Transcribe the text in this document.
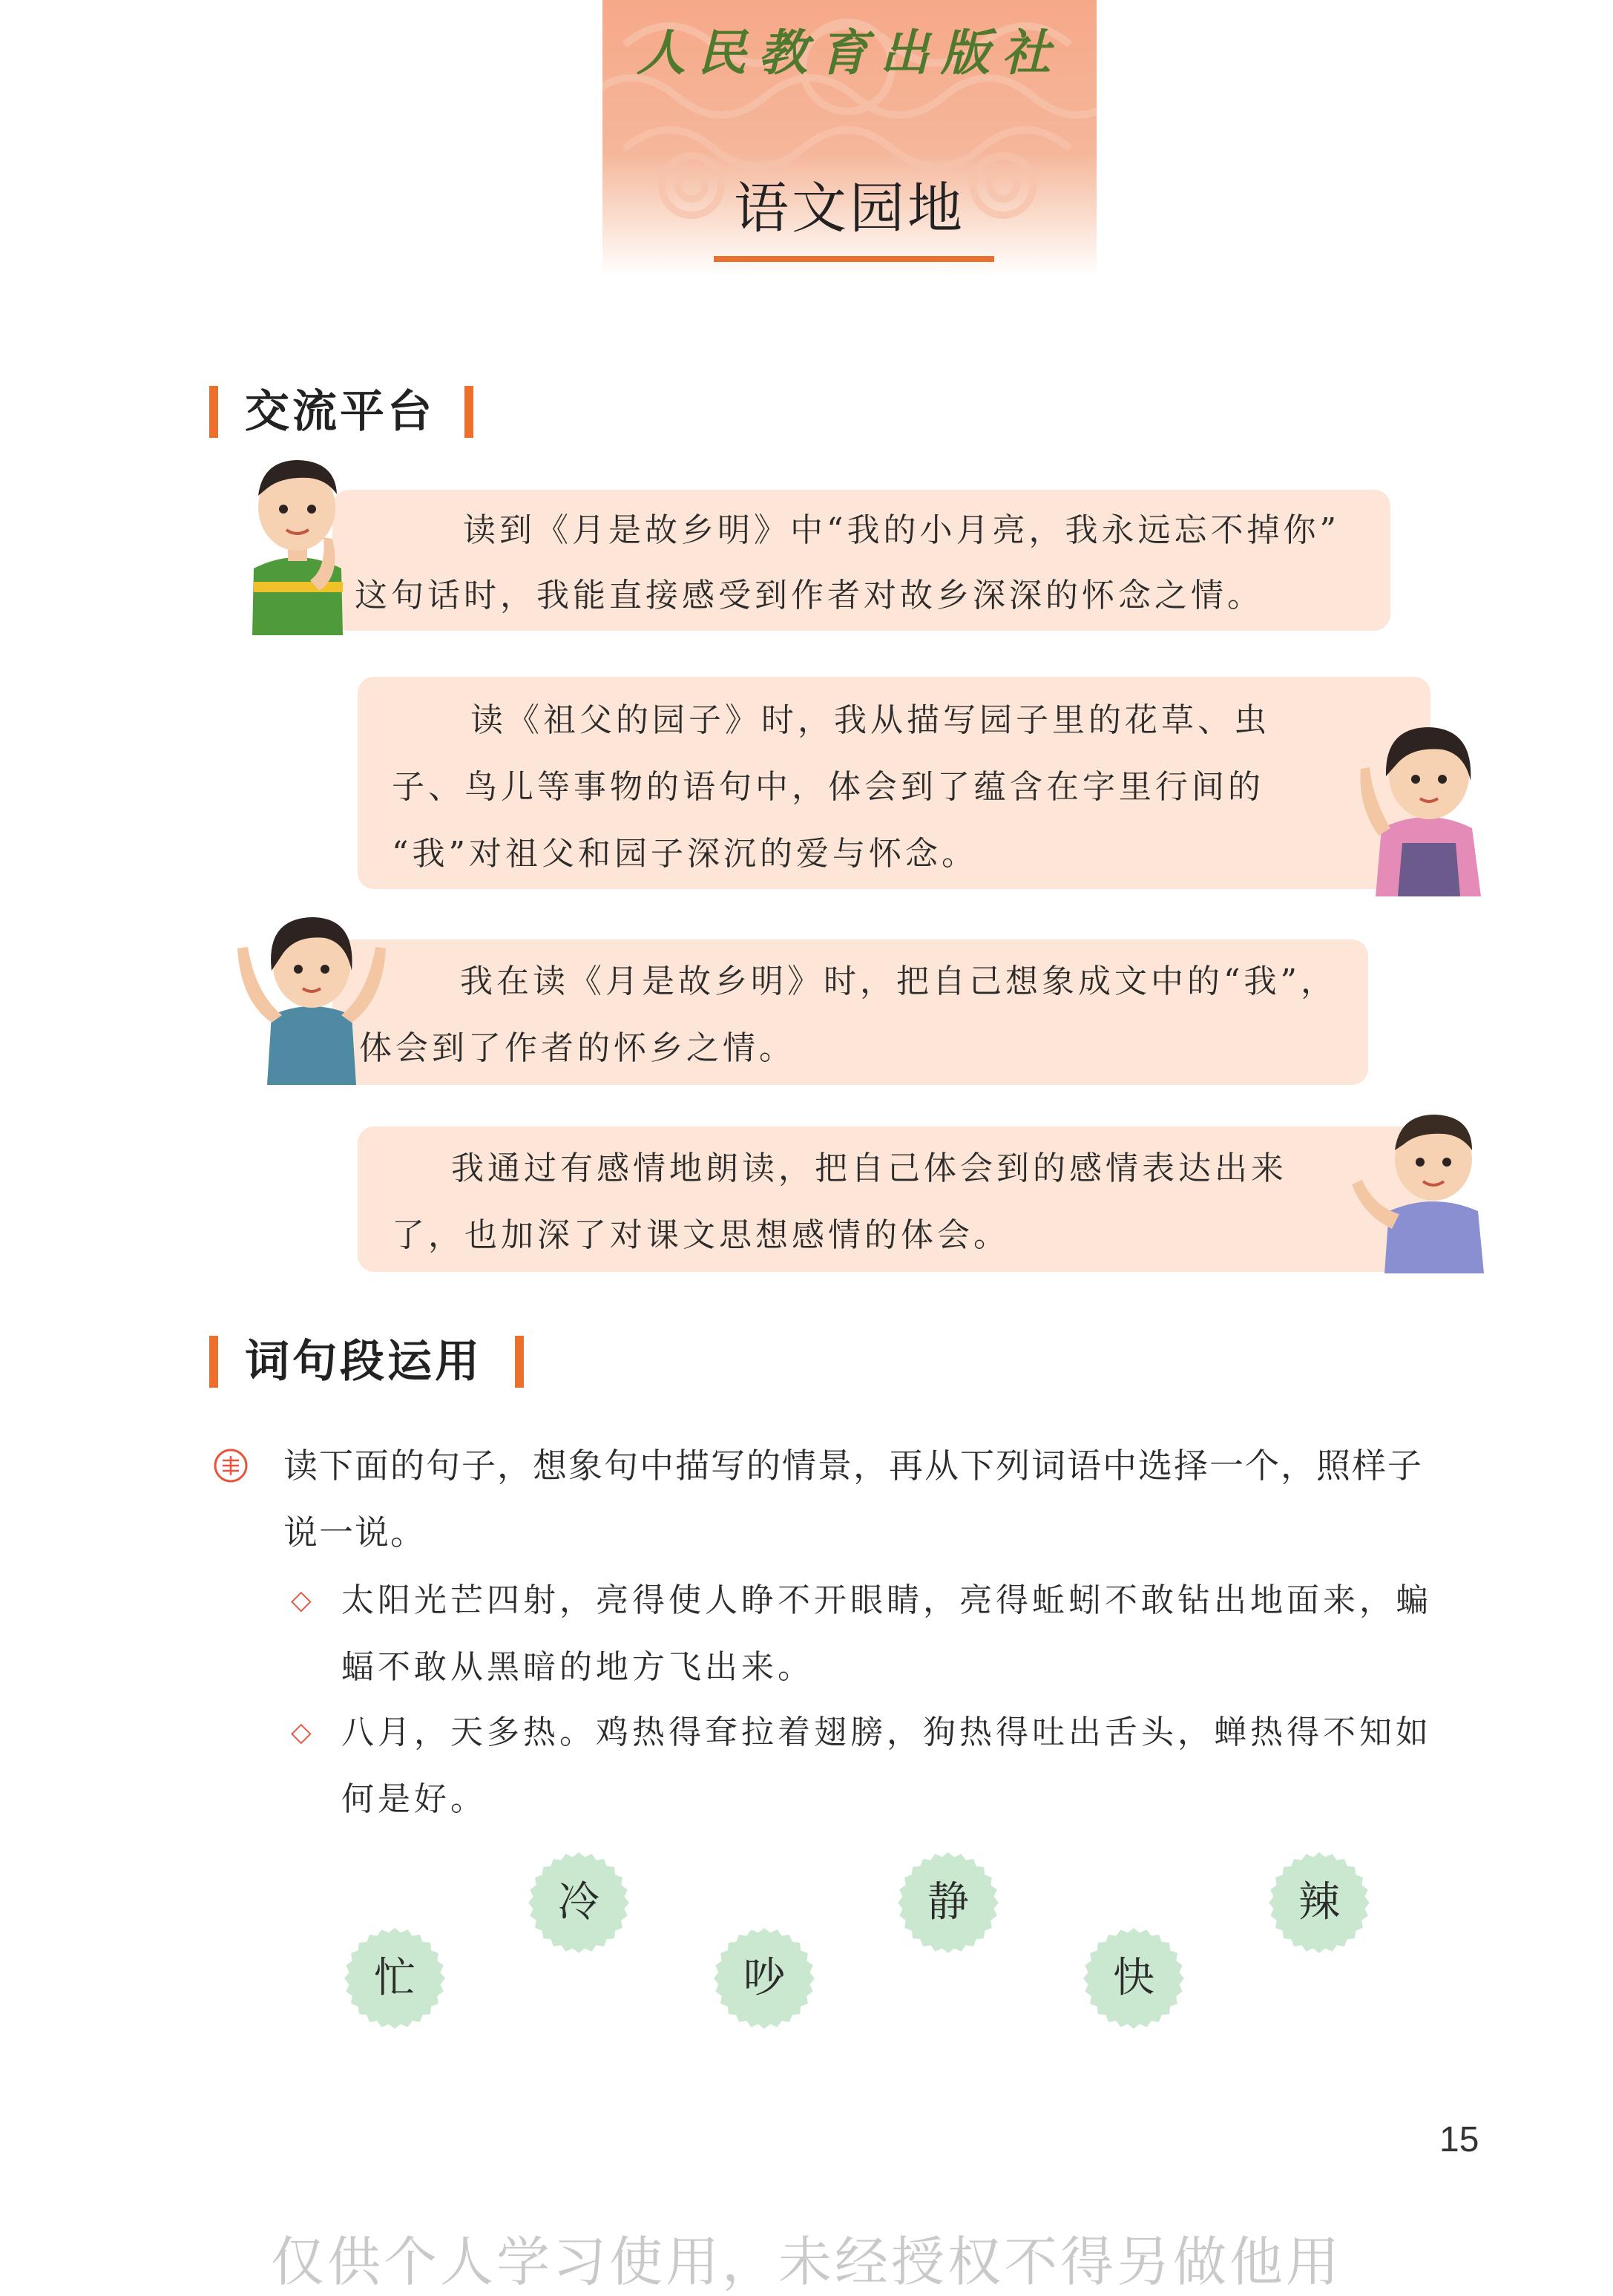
人民教育出版社
语文园地
交流平台

读到《月是故乡明》中“我的小月亮，我永远忘不掉你”

这句话时，我能直接感受到作者对故乡深深的怀念之情。

读《祖父的园子》时，我从描写园子里的花草、虫

子、鸟儿等事物的语句中，体会到了蕴含在字里行间的

“我”对祖父和园子深沉的爱与怀念。

我在读《月是故乡明》时，把自己想象成文中的“我”，

体会到了作者的怀乡之情。

我通过有感情地朗读，把自己体会到的感情表达出来

了，也加深了对课文思想感情的体会。

词句段运用
读下面的句子，想象句中描写的情景，再从下列词语中选择一个，照样子
说一说。
◇ 太阳光芒四射，亮得使人睁不开眼睛，亮得蚯蚓不敢钻出地面来，蝙
蝠不敢从黑暗的地方飞出来。
◇ 八月，天多热。鸡热得耷拉着翅膀，狗热得吐出舌头，蝉热得不知如
何是好。
冷	静	辣
忙	吵	快
15
仅供个人学习使用，未经授权不得另做他用
